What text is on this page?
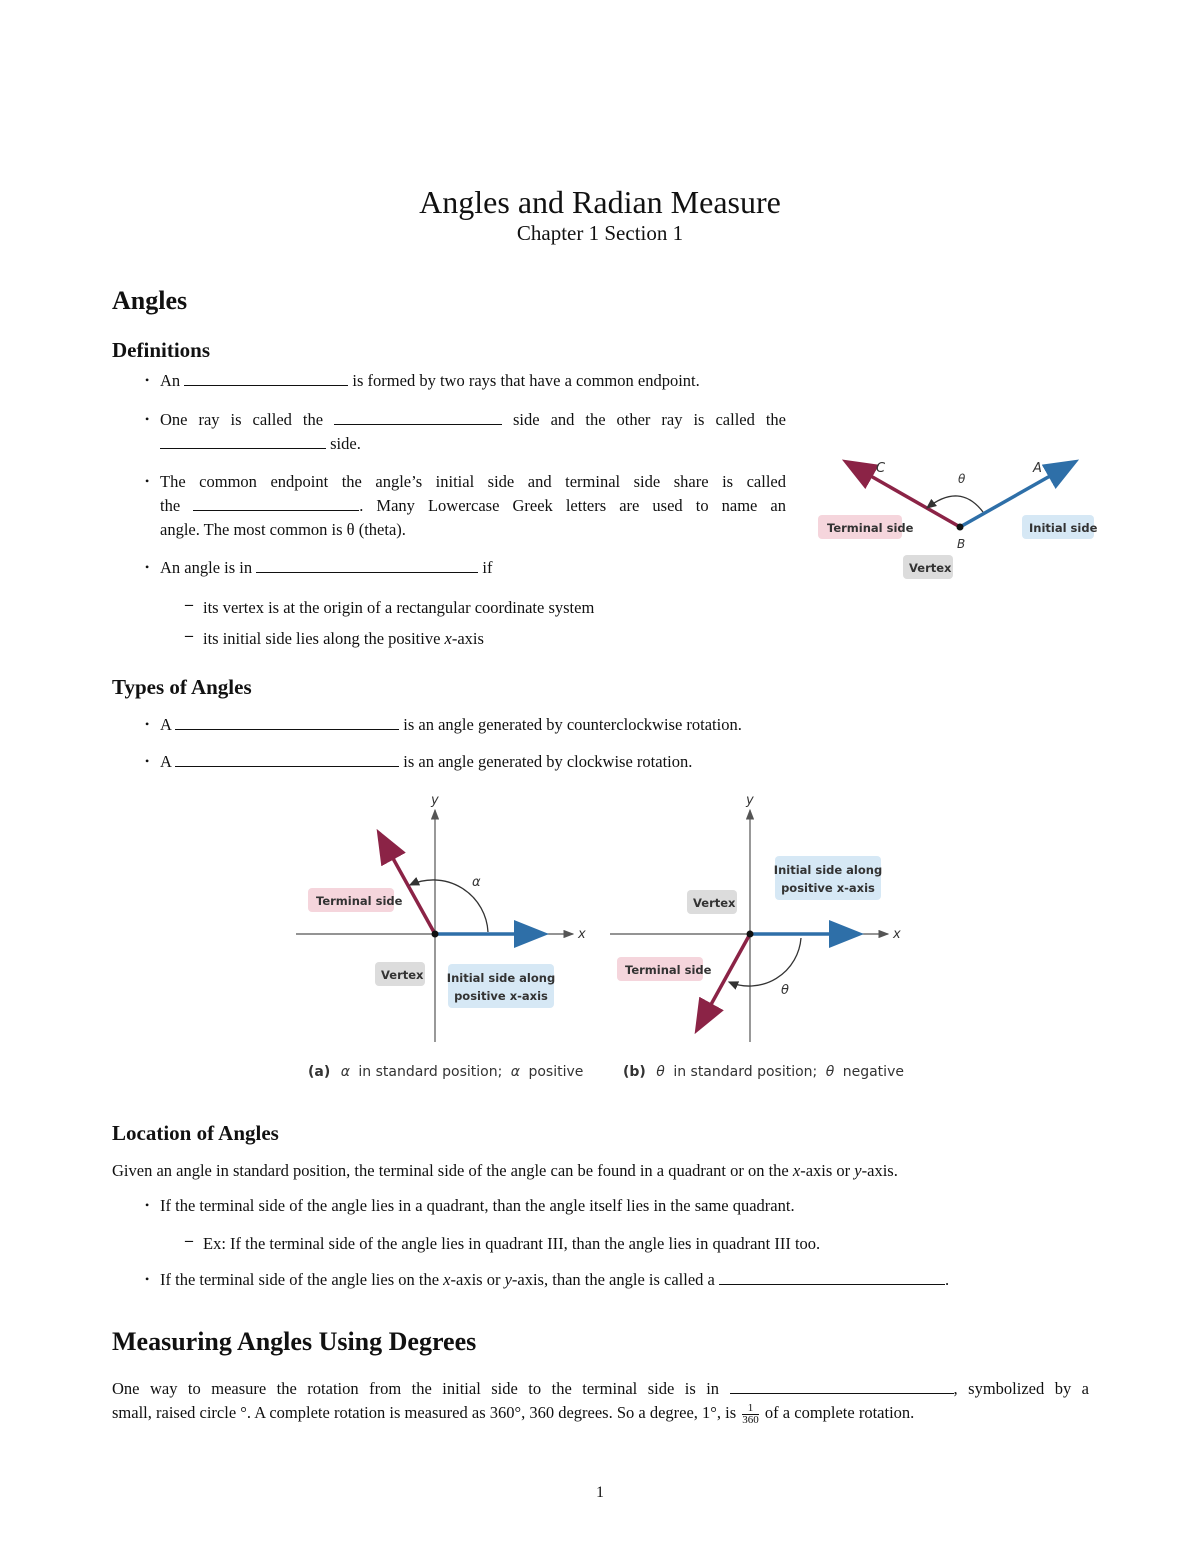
Angles and Radian Measure
Chapter 1 Section 1
Angles
Definitions
• An	is formed by two rays that have a common endpoint.
• One ray is called the	side and the other ray is called the
side.
• The common endpoint the angle’s initial side and terminal side share is called
the	. Many Lowercase Greek letters are used to name an
angle. The most common is θ (theta).
• An angle is in	if
– its vertex is at the origin of a rectangular coordinate system
– its initial side lies along the positive x-axis
C	A
B
θ
Terminal side	Initial side
Vertex
Types of Angles
• A	is an angle generated by counterclockwise rotation.
• A	is an angle generated by clockwise rotation.
y
x
α
Terminal side
Vertex Initial side along
positive x-axis
(a) α in standard position; α positive
y
x
θ
Vertex
Initial side along
positive x-axis
Terminal side
(b) θ in standard position; θ negative
Location of Angles
Given an angle in standard position, the terminal side of the angle can be found in a quadrant or on the x-axis or y-axis.
• If the terminal side of the angle lies in a quadrant, than the angle itself lies in the same quadrant.
– Ex: If the terminal side of the angle lies in quadrant III, than the angle lies in quadrant III too.
• If the terminal side of the angle lies on the x-axis or y-axis, than the angle is called a	.
Measuring Angles Using Degrees
One way to measure the rotation from the initial side to the terminal side is in	, symbolized by a
small, raised circle °. A complete rotation is measured as 360°, 360 degrees. So a degree, 1°, is $\frac{1}{360}$ of a complete rotation.
1
